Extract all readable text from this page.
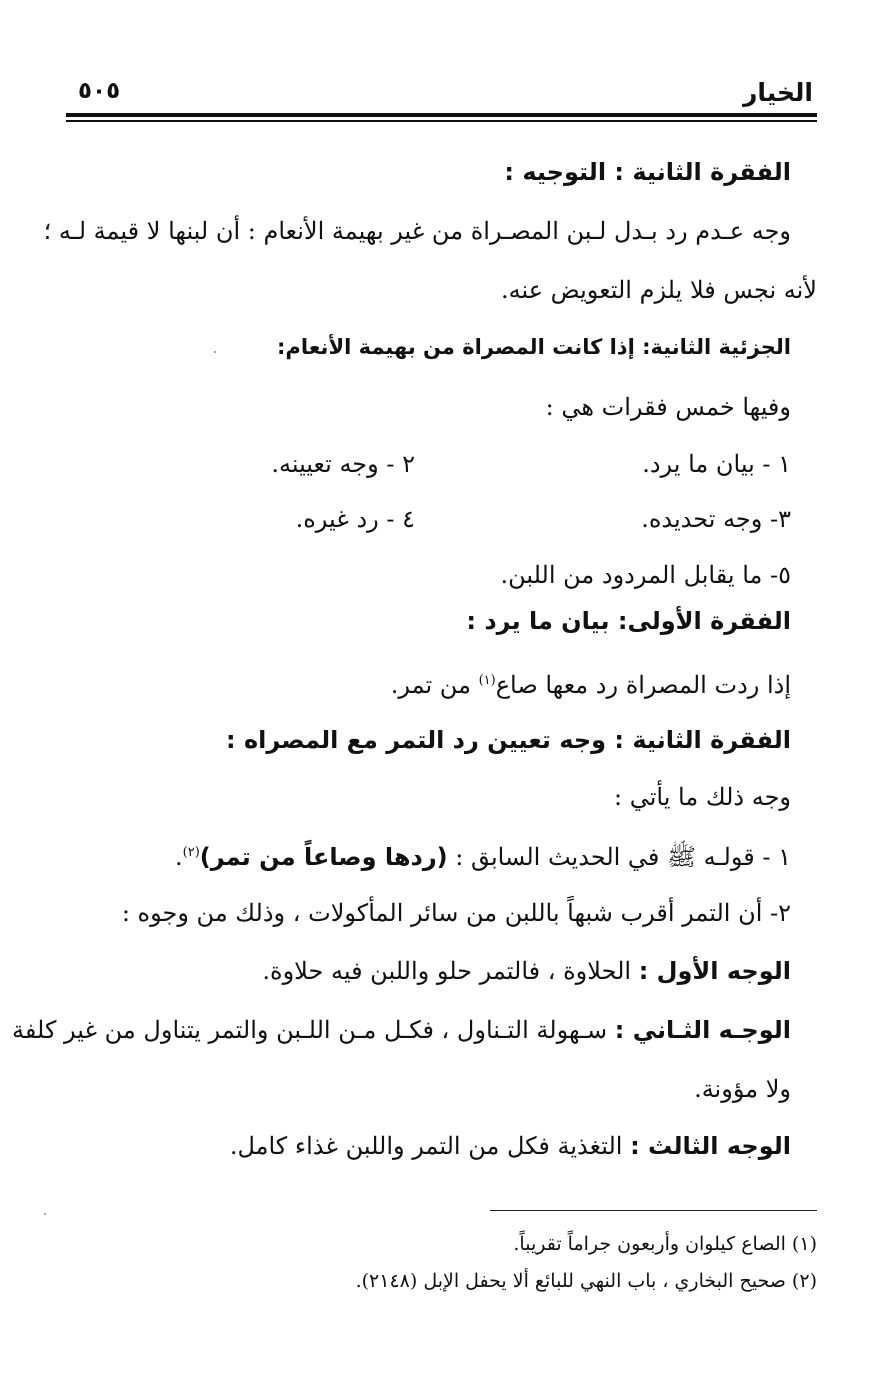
الخيار
٥٠٥
الفقرة الثانية : التوجيه :
وجه عـدم رد بـدل لـبن المصـراة من غير بهيمة الأنعام : أن لبنها لا قيمة لـه ؛
لأنه نجس فلا يلزم التعويض عنه.
الجزئية الثانية: إذا كانت المصراة من بهيمة الأنعام:
وفيها خمس فقرات هي :
١ - بيان ما يرد.
٢ - وجه تعيينه.
٣- وجه تحديده.
٤ - رد غيره.
٥- ما يقابل المردود من اللبن.
الفقرة الأولى: بيان ما يرد :
إذا ردت المصراة رد معها صاع$^{(١)}$ من تمر.
الفقرة الثانية : وجه تعيين رد التمر مع المصراه :
وجه ذلك ما يأتي :
١ - قولـه ﷺ في الحديث السابق : (ردها وصاعاً من تمر)$^{(٢)}$.
٢- أن التمر أقرب شبهاً باللبن من سائر المأكولات ، وذلك من وجوه :
الوجه الأول : الحلاوة ، فالتمر حلو واللبن فيه حلاوة.
الوجـه الثـاني : سـهولة التـناول ، فكـل مـن اللـبن والتمر يتناول من غير كلفة
ولا مؤونة.
الوجه الثالث : التغذية فكل من التمر واللبن غذاء كامل.
(١) الصاع كيلوان وأربعون جراماً تقريباً.
(٢) صحيح البخاري ، باب النهي للبائع ألا يحفل الإبل (٢١٤٨).
